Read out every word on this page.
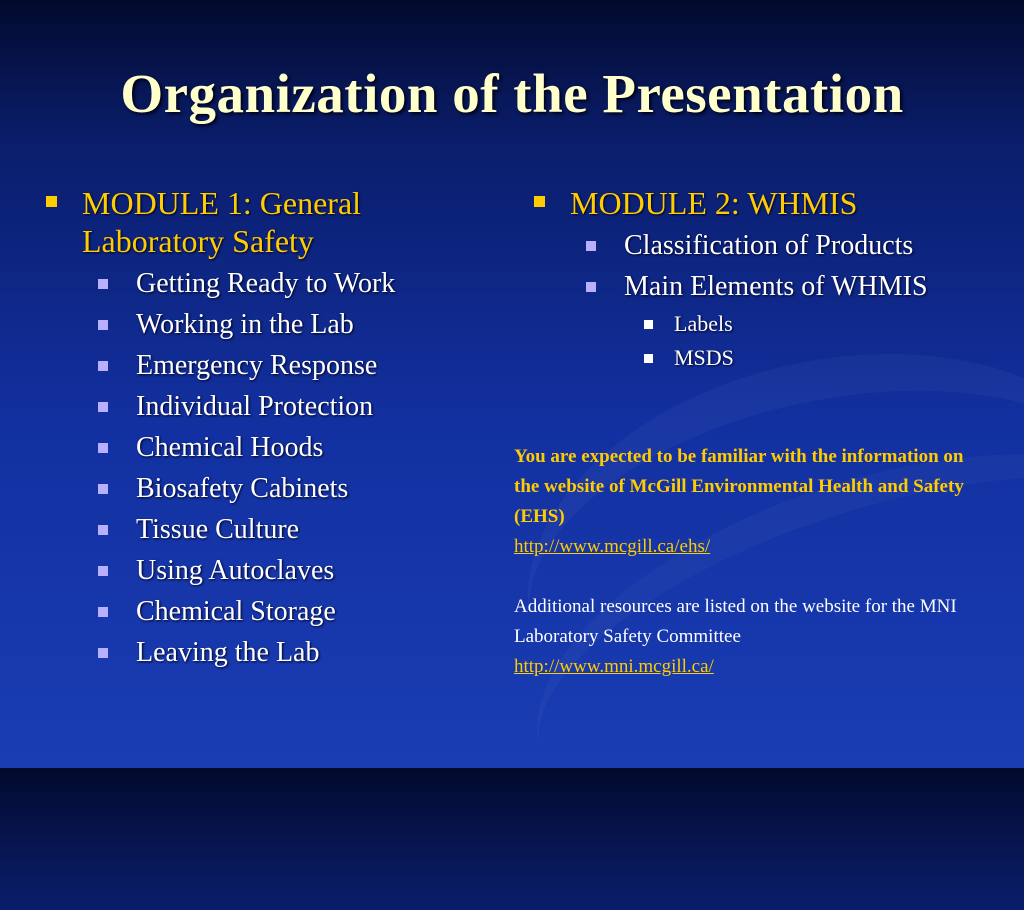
Organization of the Presentation
MODULE 1: General Laboratory Safety
Getting Ready to Work
Working in the Lab
Emergency Response
Individual Protection
Chemical Hoods
Biosafety Cabinets
Tissue Culture
Using Autoclaves
Chemical Storage
Leaving the Lab
MODULE 2: WHMIS
Classification of Products
Main Elements of WHMIS
Labels
MSDS
You are expected to be familiar with the information on the website of McGill Environmental Health and Safety (EHS)
http://www.mcgill.ca/ehs/
Additional resources are listed on the website for the MNI Laboratory Safety Committee
http://www.mni.mcgill.ca/
